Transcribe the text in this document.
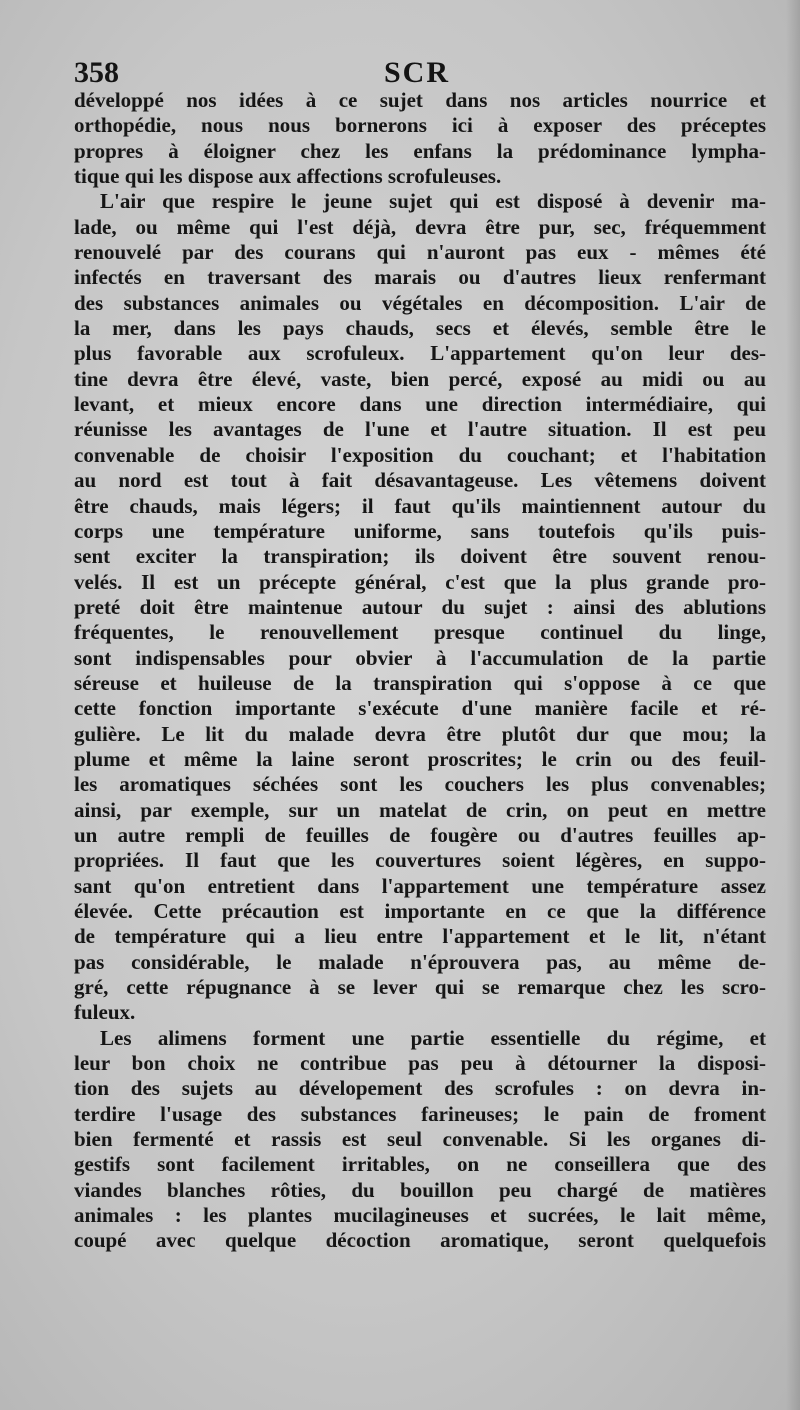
358	SCR
développé nos idées à ce sujet dans nos articles nourrice et
orthopédie, nous nous bornerons ici à exposer des préceptes
propres à éloigner chez les enfans la prédominance lympha-
tique qui les dispose aux affections scrofuleuses.
L'air que respire le jeune sujet qui est disposé à devenir ma-
lade, ou même qui l'est déjà, devra être pur, sec, fréquemment
renouvelé par des courans qui n'auront pas eux - mêmes été
infectés en traversant des marais ou d'autres lieux renfermant
des substances animales ou végétales en décomposition. L'air de
la mer, dans les pays chauds, secs et élevés, semble être le
plus favorable aux scrofuleux. L'appartement qu'on leur des-
tine devra être élevé, vaste, bien percé, exposé au midi ou au
levant, et mieux encore dans une direction intermédiaire, qui
réunisse les avantages de l'une et l'autre situation. Il est peu
convenable de choisir l'exposition du couchant; et l'habitation
au nord est tout à fait désavantageuse. Les vêtemens doivent
être chauds, mais légers; il faut qu'ils maintiennent autour du
corps une température uniforme, sans toutefois qu'ils puis-
sent exciter la transpiration; ils doivent être souvent renou-
velés. Il est un précepte général, c'est que la plus grande pro-
preté doit être maintenue autour du sujet : ainsi des ablutions
fréquentes, le renouvellement presque continuel du linge,
sont indispensables pour obvier à l'accumulation de la partie
séreuse et huileuse de la transpiration qui s'oppose à ce que
cette fonction importante s'exécute d'une manière facile et ré-
gulière. Le lit du malade devra être plutôt dur que mou; la
plume et même la laine seront proscrites; le crin ou des feuil-
les aromatiques séchées sont les couchers les plus convenables;
ainsi, par exemple, sur un matelat de crin, on peut en mettre
un autre rempli de feuilles de fougère ou d'autres feuilles ap-
propriées. Il faut que les couvertures soient légères, en suppo-
sant qu'on entretient dans l'appartement une température assez
élevée. Cette précaution est importante en ce que la différence
de température qui a lieu entre l'appartement et le lit, n'étant
pas considérable, le malade n'éprouvera pas, au même de-
gré, cette répugnance à se lever qui se remarque chez les scro-
fuleux.
Les alimens forment une partie essentielle du régime, et
leur bon choix ne contribue pas peu à détourner la disposi-
tion des sujets au dévelopement des scrofules : on devra in-
terdire l'usage des substances farineuses; le pain de froment
bien fermenté et rassis est seul convenable. Si les organes di-
gestifs sont facilement irritables, on ne conseillera que des
viandes blanches rôties, du bouillon peu chargé de matières
animales : les plantes mucilagineuses et sucrées, le lait même,
coupé avec quelque décoction aromatique, seront quelquefois
